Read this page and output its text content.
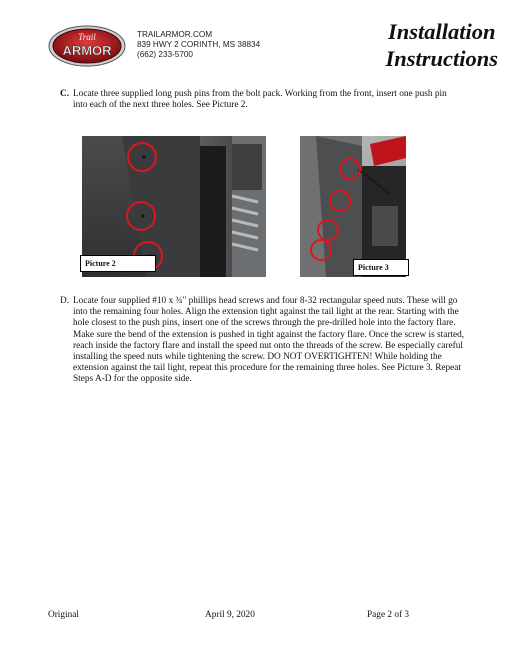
Trail
ARMOR
TRAILARMOR.COM
839 HWY 2 CORINTH, MS 38834
(662) 233-5700
Installation
Instructions
C. Locate three supplied long push pins from the bolt pack. Working from the front, insert one push pin into each of the next three holes. See Picture 2.
Picture 2	Picture 3
D. Locate four supplied #10 x ¾" phillips head screws and four 8-32 rectangular speed nuts. These will go into the remaining four holes. Align the extension tight against the tail light at the rear. Starting with the hole closest to the push pins, insert one of the screws through the pre-drilled hole into the factory flare. Make sure the bend of the extension is pushed in tight against the factory flare. Once the screw is started, reach inside the factory flare and install the speed nut onto the threads of the screw. Be especially careful installing the speed nuts while tightening the screw. DO NOT OVERTIGHTEN! While holding the extension against the tail light, repeat this procedure for the remaining three holes. See Picture 3. Repeat Steps A-D for the opposite side.
Original	April 9, 2020	Page 2 of 3
